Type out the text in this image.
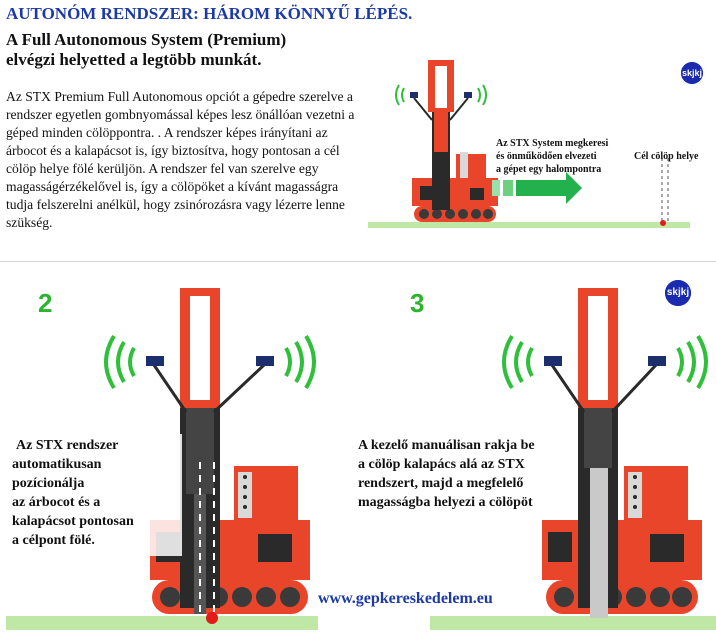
AUTONÓM RENDSZER: HÁROM KÖNNYŰ LÉPÉS.
A Full Autonomous System (Premium)
elvégzi helyetted a legtöbb munkát.
Az STX Premium Full Autonomous opciót a gépedre szerelve a rendszer egyetlen gombnyomással képes lesz önállóan vezetni a géped minden cölöppontra. . A rendszer képes irányítani az árbocot és a kalapácsot is, így biztosítva, hogy pontosan a cél cölöp helye fölé kerüljön. A rendszer fel van szerelve egy magasságérzékelővel is, így a cölöpöket a kívánt magasságra tudja felszerelni anélkül, hogy zsinórozásra vagy lézerre lenne szükség.
skjkj
Az STX System megkeresi
és önműködően elvezeti
a gépet egy halompontra
Cél cölöp helye
2	3
Az STX rendszer
automatikusan
pozícionálja
az árbocot és a
kalapácsot pontosan
a célpont fölé.
A kezelő manuálisan rakja be
a cölöp kalapács alá az STX
rendszert, majd a megfelelő
magasságba helyezi a cölöpöt
skjkj
www.gepkereskedelem.eu
